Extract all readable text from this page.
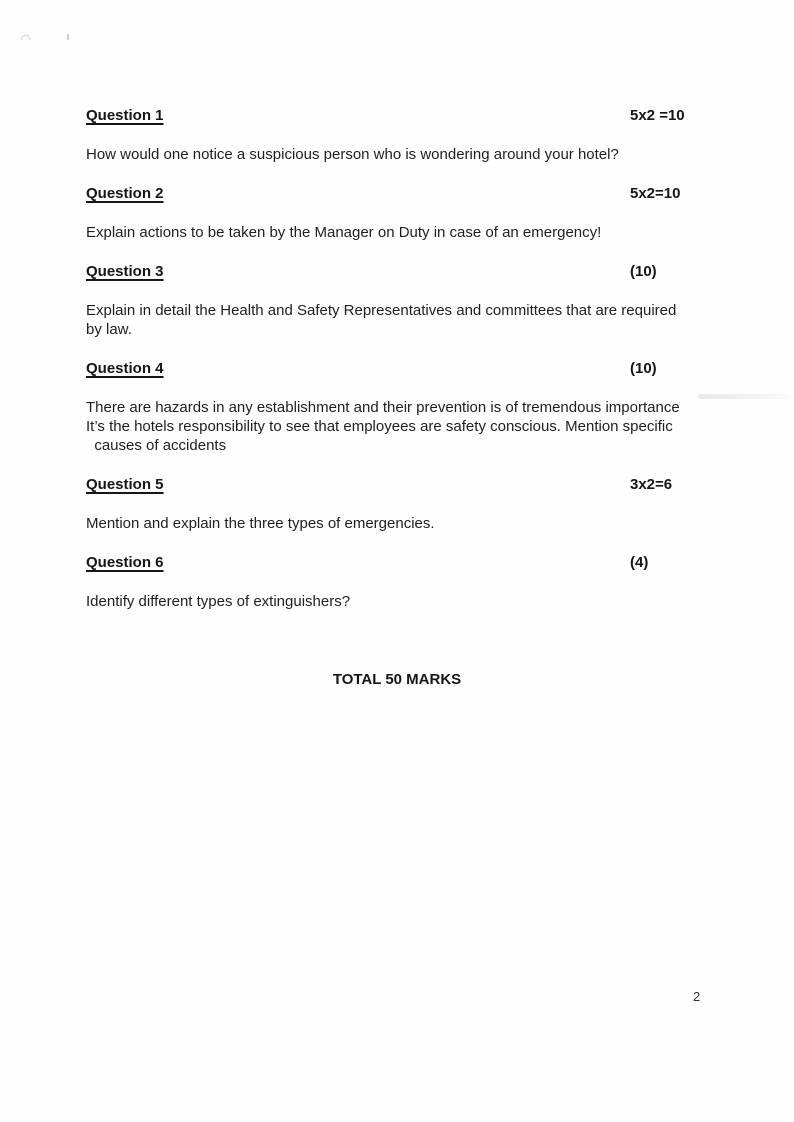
Question 1	5x2 =10
How would one notice a suspicious person who is wondering around your hotel?
Question 2	5x2=10
Explain actions to be taken by the Manager on Duty in case of an emergency!
Question 3	(10)
Explain in detail the Health and Safety Representatives and committees that are required
by law.
Question 4	(10)
There are hazards in any establishment and their prevention is of tremendous importance
It’s the hotels responsibility to see that employees are safety conscious. Mention specific
causes of accidents
Question 5	3x2=6
Mention and explain the three types of emergencies.
Question 6	(4)
Identify different types of extinguishers?
TOTAL 50 MARKS
2
